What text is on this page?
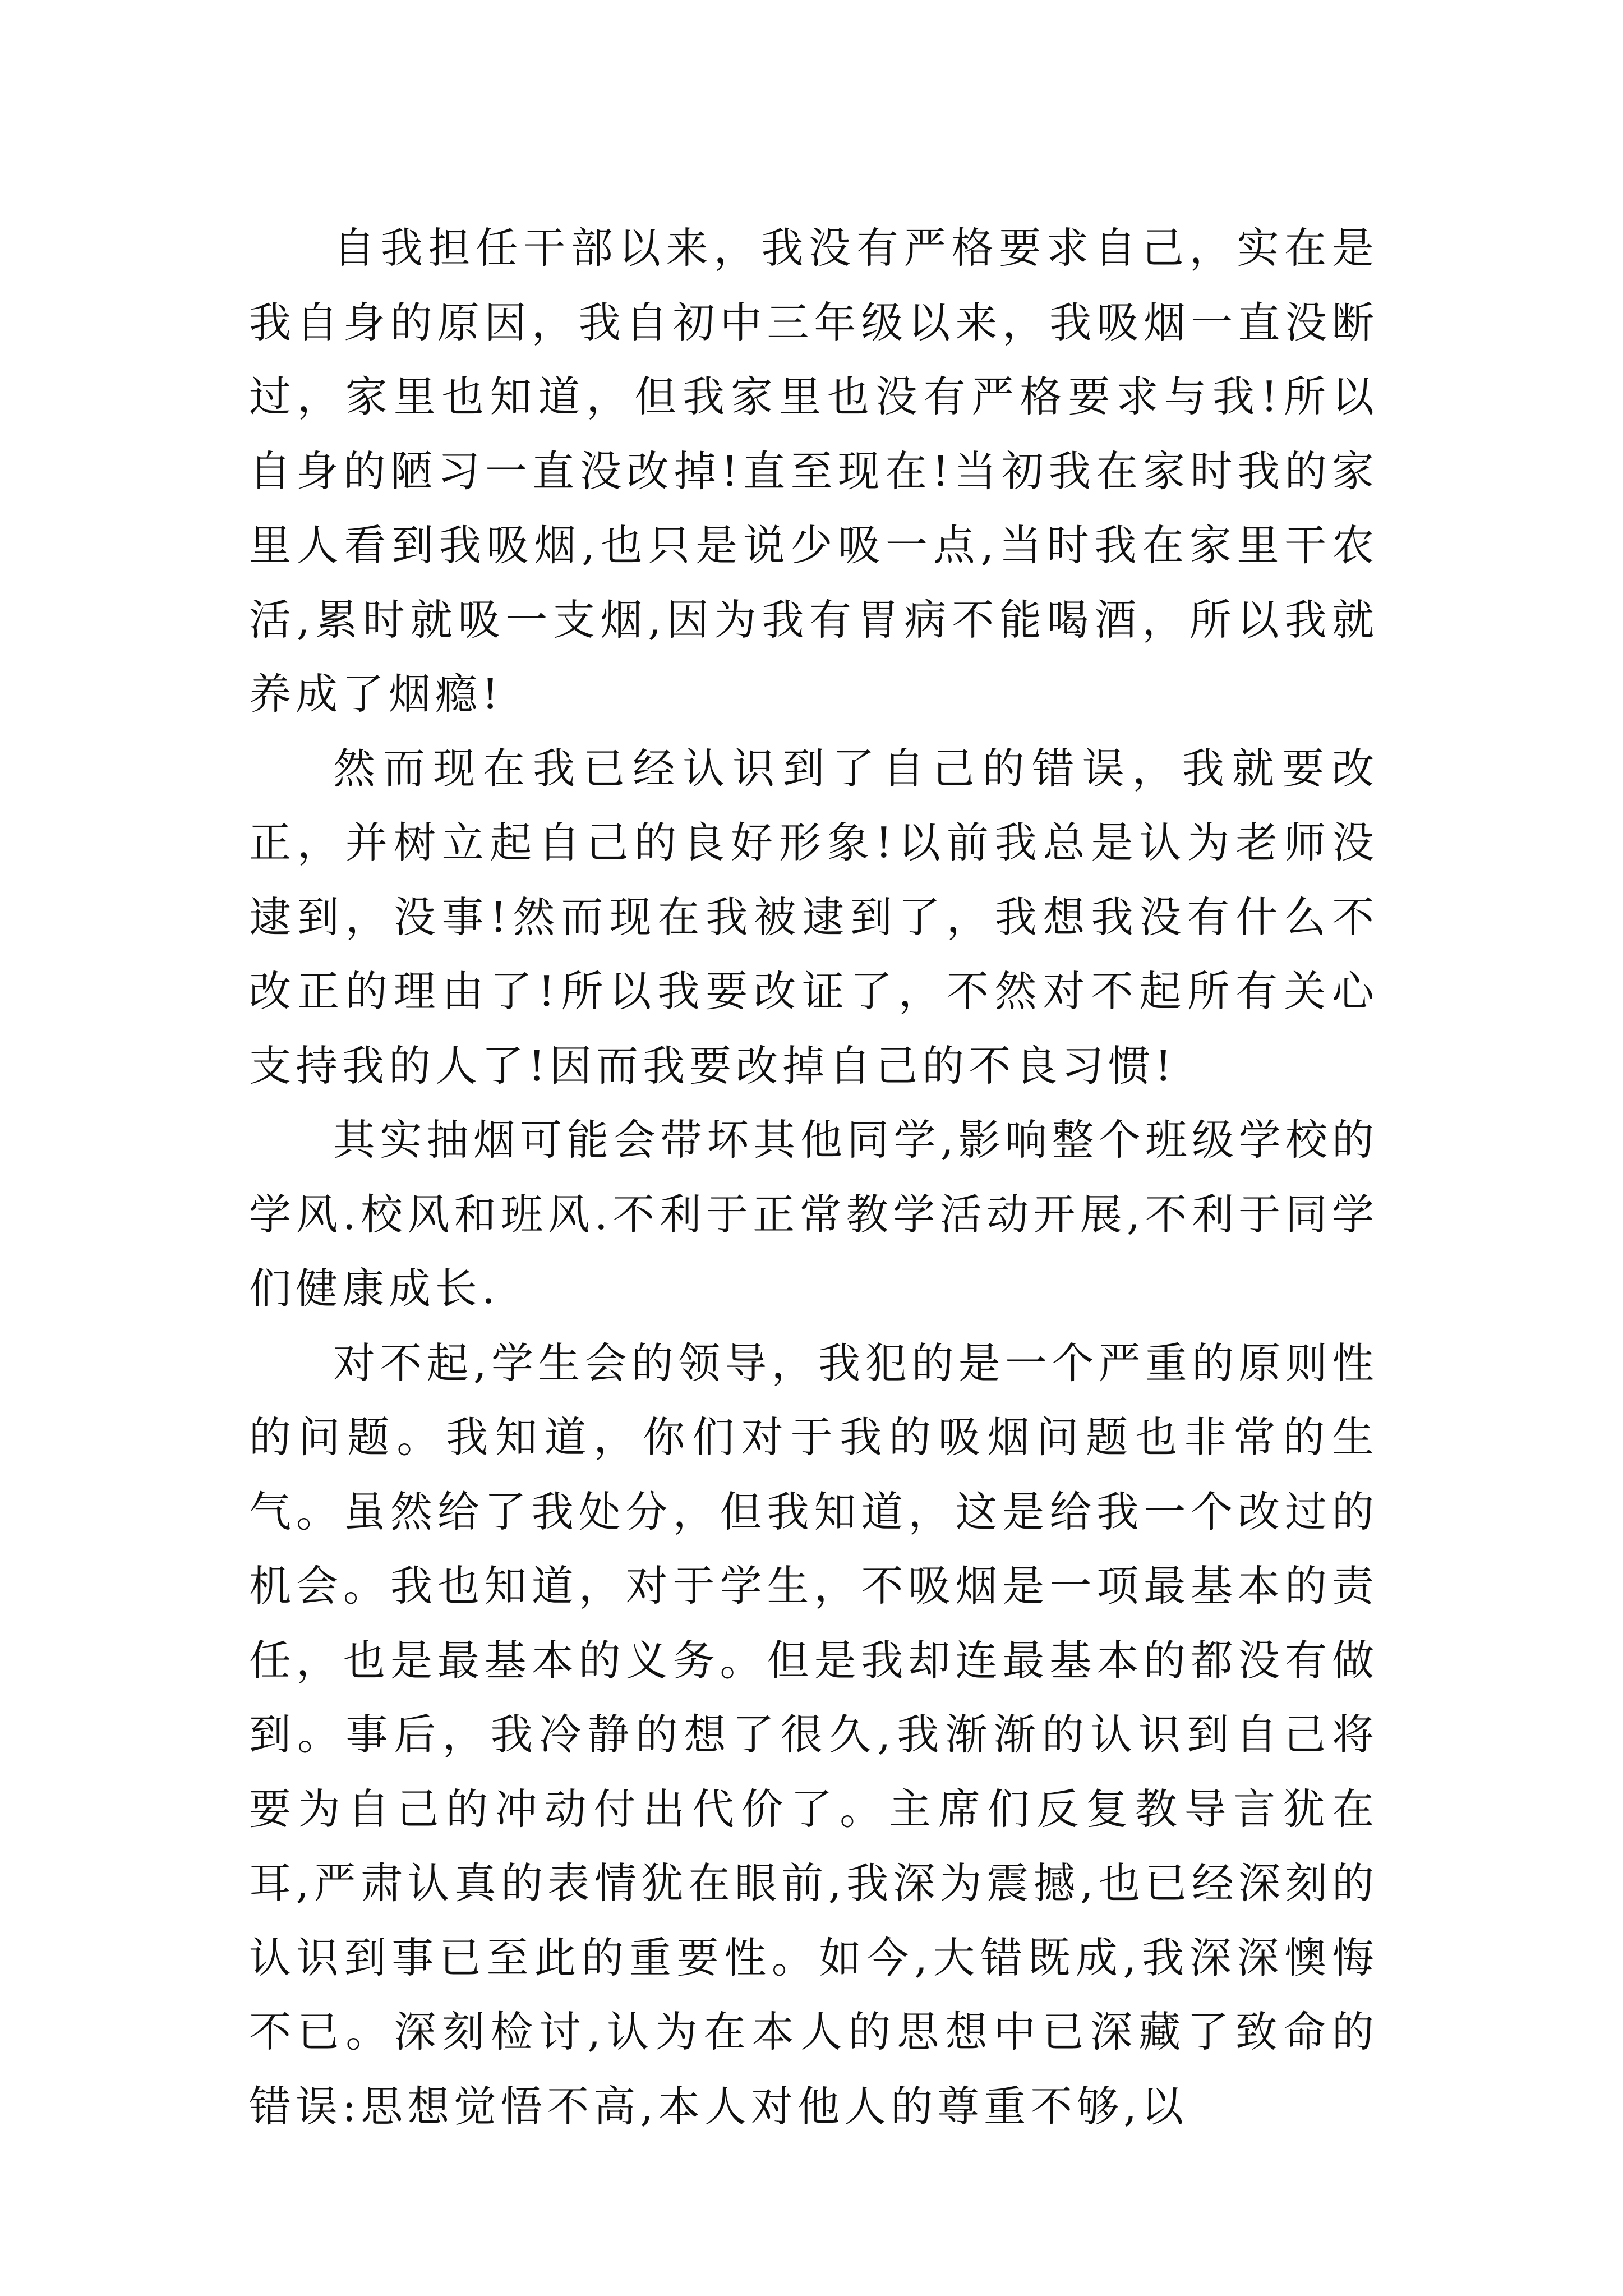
自我担任干部以来，我没有严格要求自己，实在是我自身的原因，我自初中三年级以来，我吸烟一直没断过，家里也知道，但我家里也没有严格要求与我!所以自身的陋习一直没改掉!直至现在!当初我在家时我的家里人看到我吸烟,也只是说少吸一点,当时我在家里干农活,累时就吸一支烟,因为我有胃病不能喝酒，所以我就养成了烟瘾!

然而现在我已经认识到了自己的错误，我就要改正，并树立起自己的良好形象!以前我总是认为老师没逮到，没事!然而现在我被逮到了，我想我没有什么不改正的理由了!所以我要改证了，不然对不起所有关心支持我的人了!因而我要改掉自己的不良习惯!

其实抽烟可能会带坏其他同学,影响整个班级学校的学风.校风和班风.不利于正常教学活动开展,不利于同学们健康成长.

对不起,学生会的领导，我犯的是一个严重的原则性的问题。我知道，你们对于我的吸烟问题也非常的生气。虽然给了我处分，但我知道，这是给我一个改过的机会。我也知道，对于学生，不吸烟是一项最基本的责任，也是最基本的义务。但是我却连最基本的都没有做到。事后，我冷静的想了很久,我渐渐的认识到自己将要为自己的冲动付出代价了。主席们反复教导言犹在耳,严肃认真的表情犹在眼前,我深为震撼,也已经深刻的认识到事已至此的重要性。如今,大错既成,我深深懊悔不已。深刻检讨,认为在本人的思想中已深藏了致命的错误:思想觉悟不高,本人对他人的尊重不够,以
